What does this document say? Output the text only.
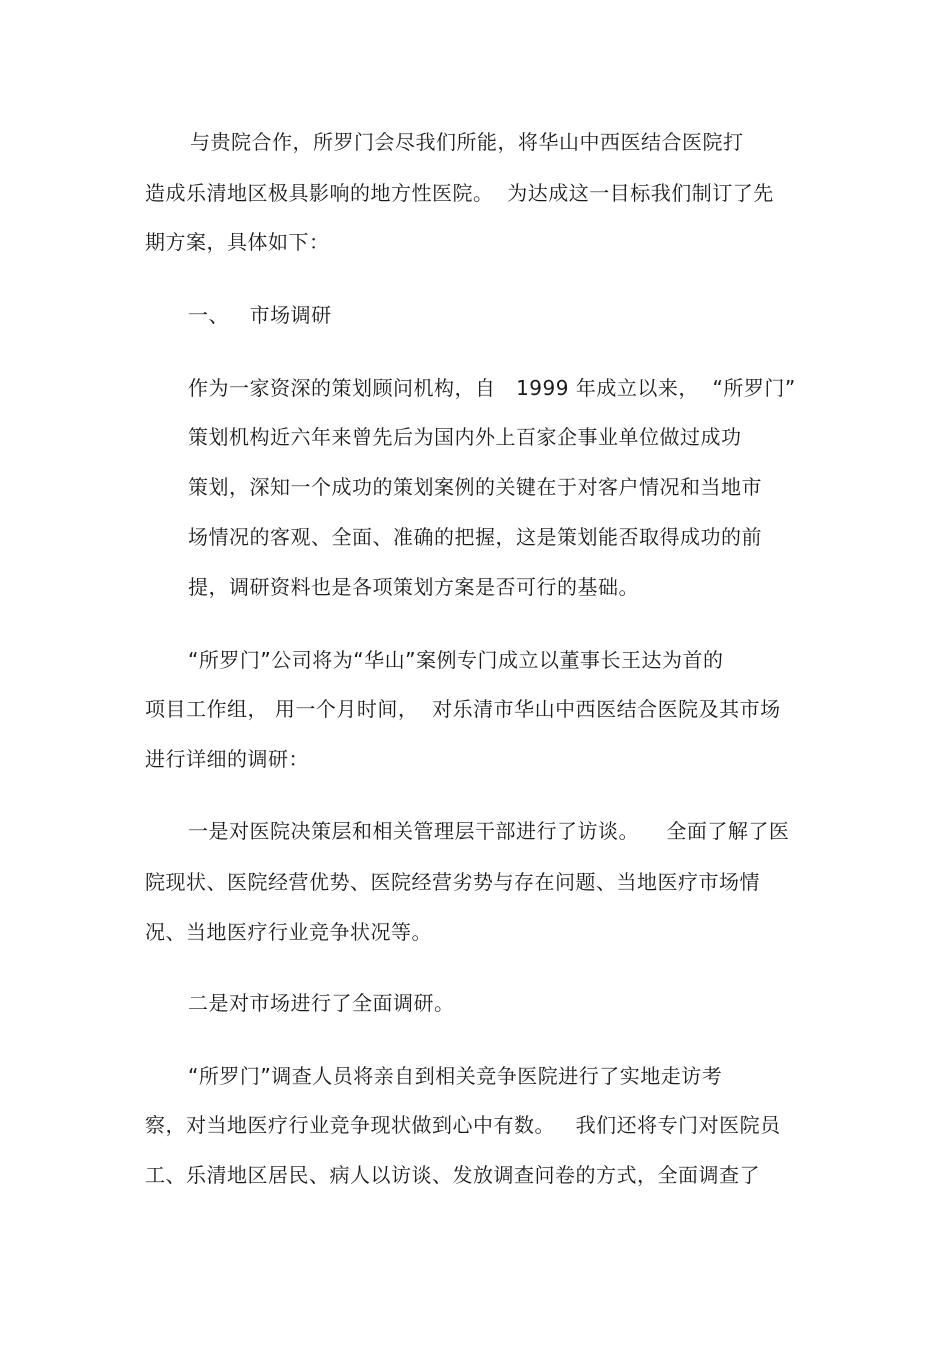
与贵院合作，所罗门会尽我们所能，将华山中西医结合医院打
造成乐清地区极具影响的地方性医院。  为达成这一目标我们制订了先
期方案，具体如下：
一、   市场调研
作为一家资深的策划顾问机构，自   1999 年成立以来，  “所罗门”
策划机构近六年来曾先后为国内外上百家企事业单位做过成功
策划，深知一个成功的策划案例的关键在于对客户情况和当地市
场情况的客观、全面、准确的把握，这是策划能否取得成功的前
提，调研资料也是各项策划方案是否可行的基础。
“所罗门”公司将为“华山”案例专门成立以董事长王达为首的
项目工作组， 用一个月时间，  对乐清市华山中西医结合医院及其市场
进行详细的调研：
一是对医院决策层和相关管理层干部进行了访谈。    全面了解了医
院现状、医院经营优势、医院经营劣势与存在问题、当地医疗市场情
况、当地医疗行业竞争状况等。
二是对市场进行了全面调研。
“所罗门”调查人员将亲自到相关竞争医院进行了实地走访考
察，对当地医疗行业竞争现状做到心中有数。   我们还将专门对医院员
工、乐清地区居民、病人以访谈、发放调查问卷的方式，全面调查了
